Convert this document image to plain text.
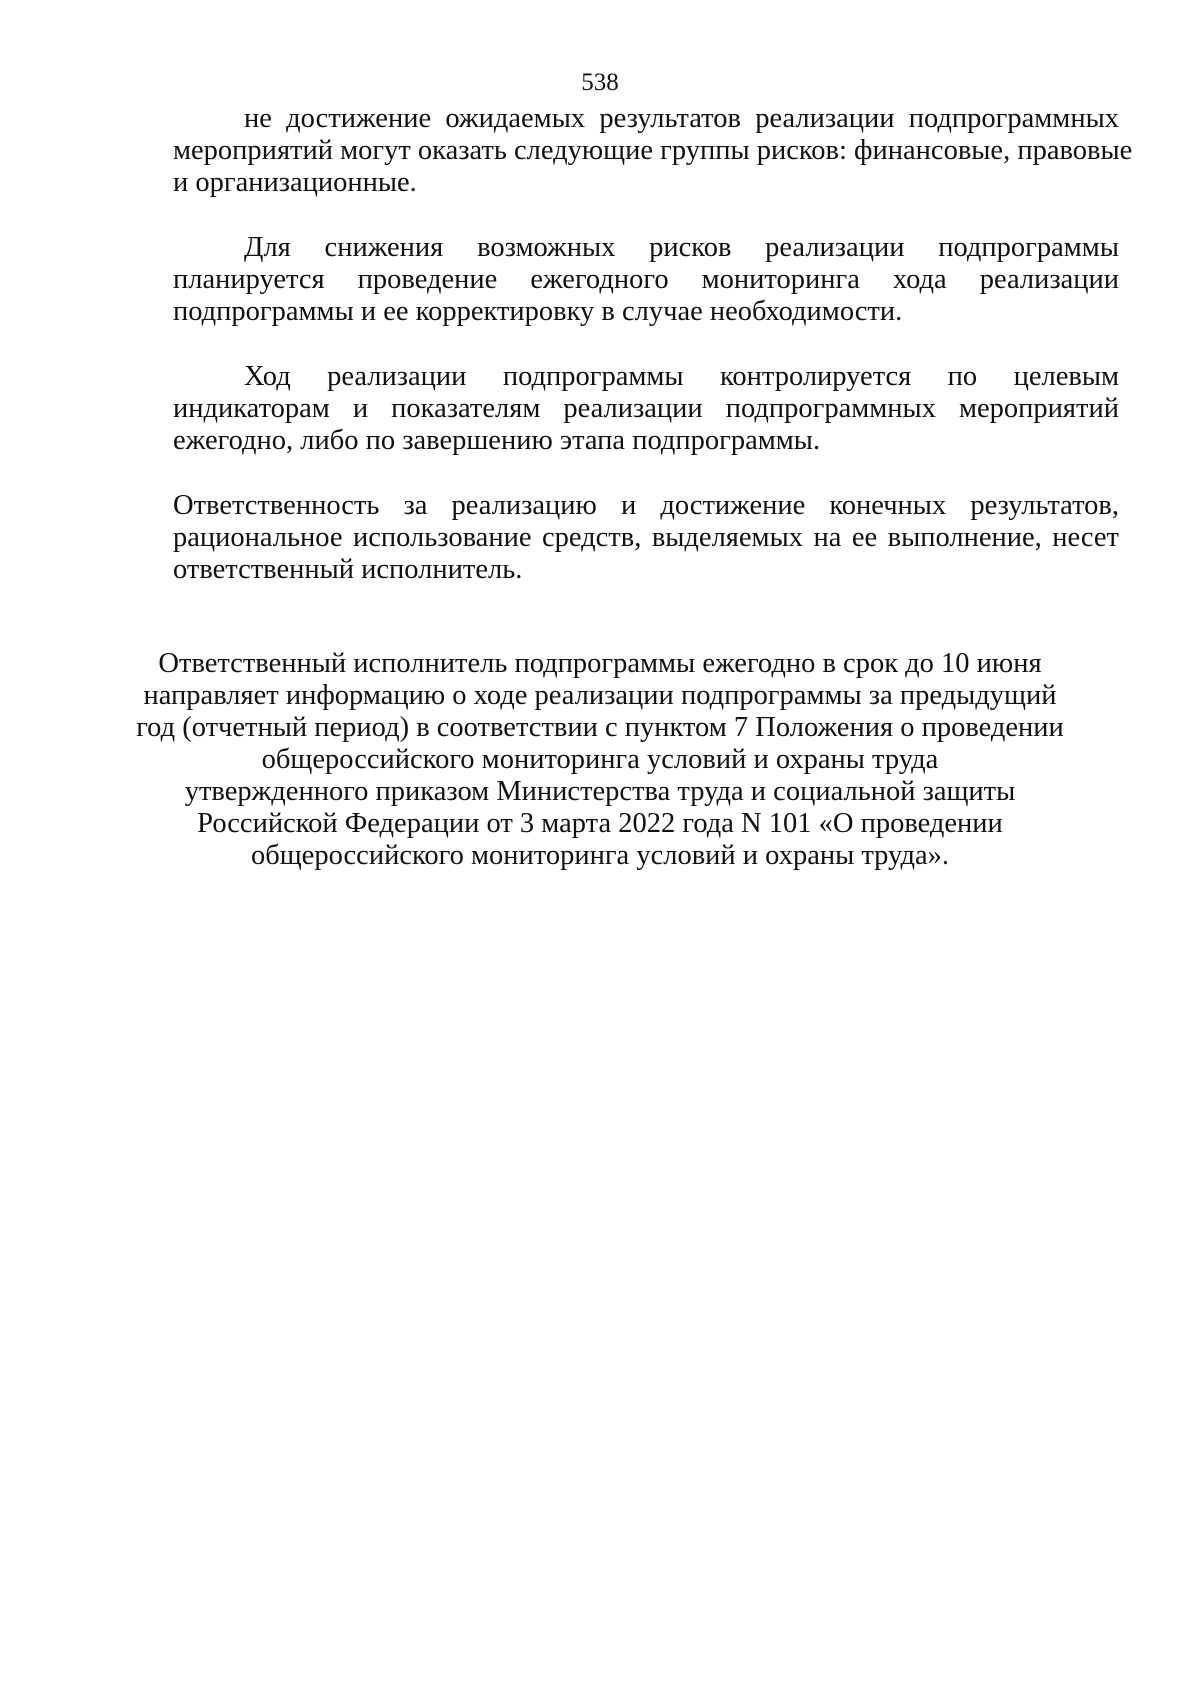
538
не достижение ожидаемых результатов реализации подпрограммных
мероприятий могут оказать следующие группы рисков: финансовые, правовые
и организационные.
Для снижения возможных рисков реализации подпрограммы
планируется проведение ежегодного мониторинга хода реализации
подпрограммы и ее корректировку в случае необходимости.
Ход реализации подпрограммы контролируется по целевым
индикаторам и показателям реализации подпрограммных мероприятий
ежегодно, либо по завершению этапа подпрограммы.
Ответственность за реализацию и достижение конечных результатов,
рациональное использование средств, выделяемых на ее выполнение, несет
ответственный исполнитель.
Ответственный исполнитель подпрограммы ежегодно в срок до 10 июня
направляет информацию о ходе реализации подпрограммы за предыдущий
год (отчетный период) в соответствии с пунктом 7 Положения о проведении
общероссийского мониторинга условий и охраны труда
утвержденного приказом Министерства труда и социальной защиты
Российской Федерации от 3 марта 2022 года N 101 «О проведении
общероссийского мониторинга условий и охраны труда».
